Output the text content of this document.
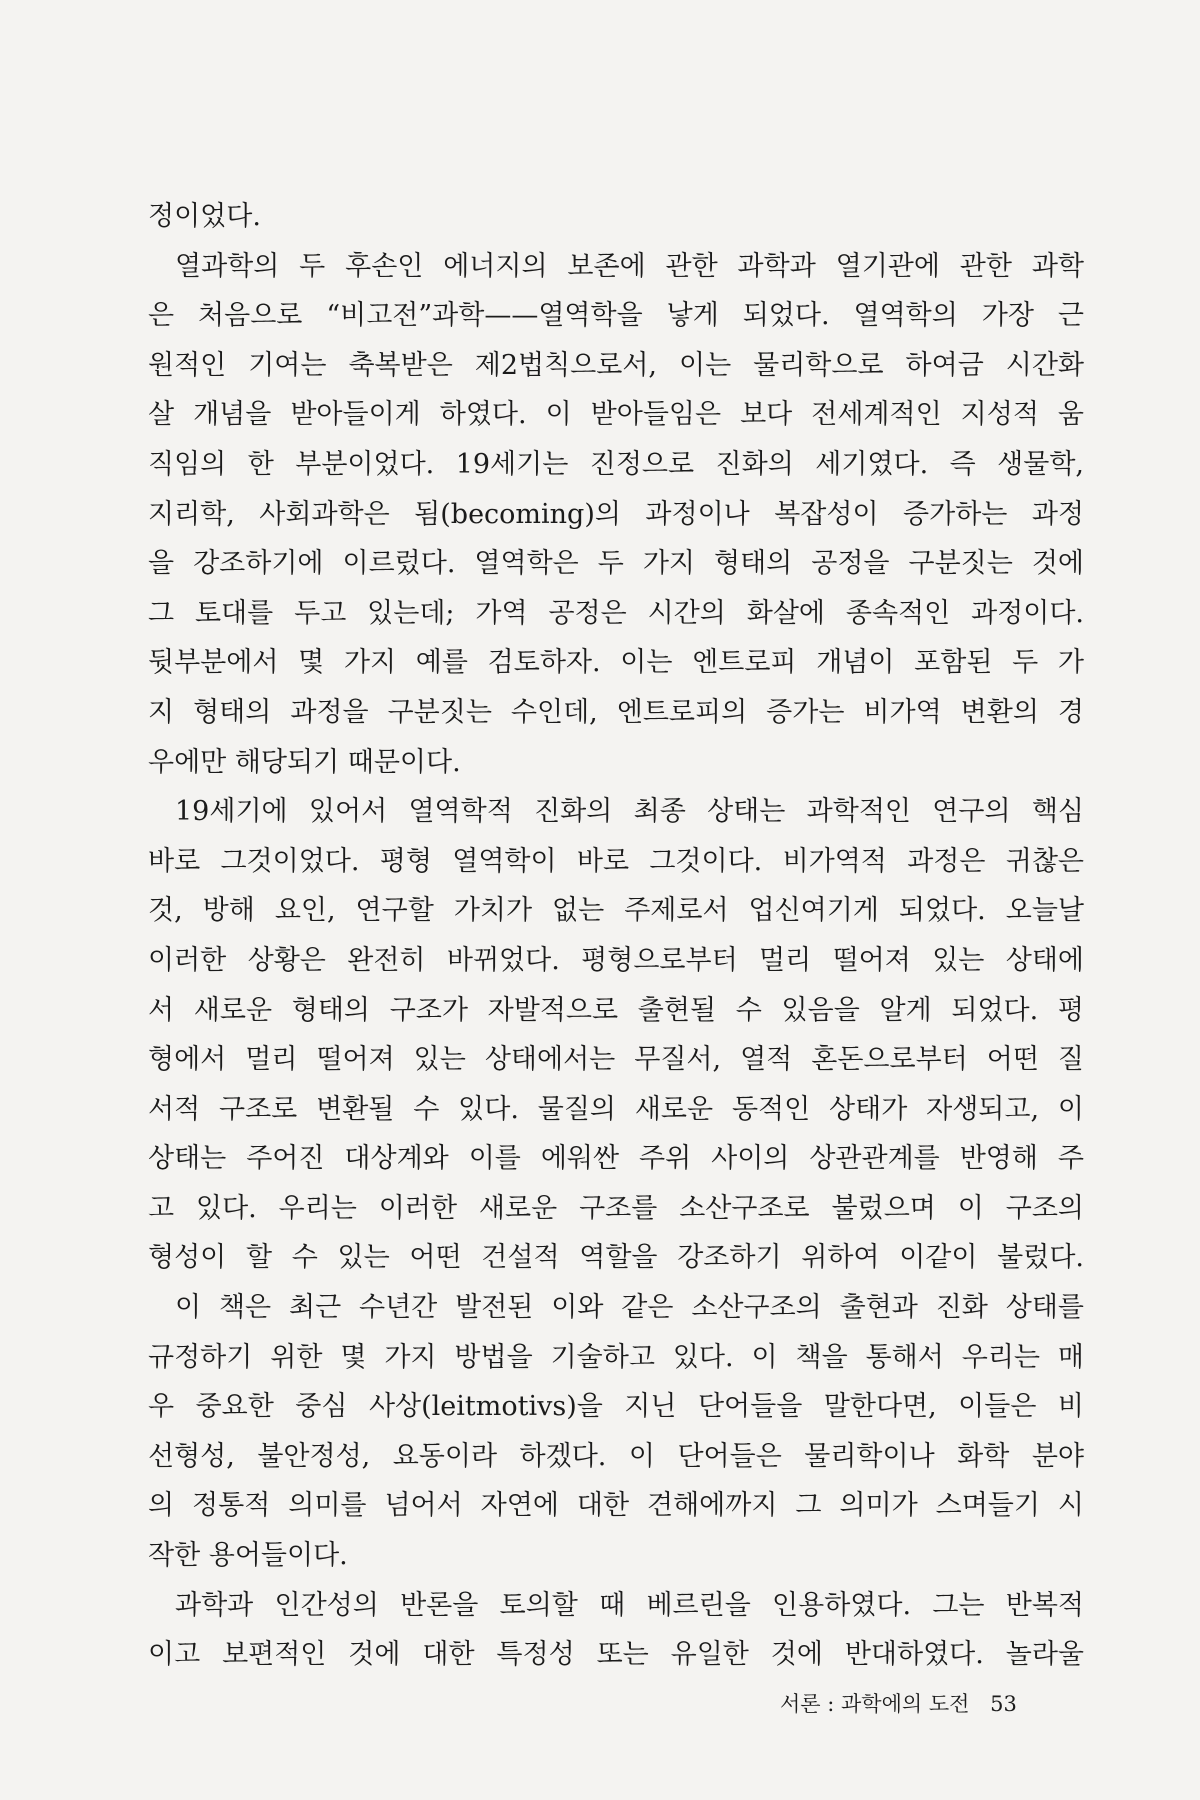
정이었다.
열과학의 두 후손인 에너지의 보존에 관한 과학과 열기관에 관한 과학
은 처음으로 “비고전”과학——열역학을 낳게 되었다. 열역학의 가장 근
원적인 기여는 축복받은 제2법칙으로서, 이는 물리학으로 하여금 시간화
살 개념을 받아들이게 하였다. 이 받아들임은 보다 전세계적인 지성적 움
직임의 한 부분이었다. 19세기는 진정으로 진화의 세기였다. 즉 생물학,
지리학, 사회과학은 됨(becoming)의 과정이나 복잡성이 증가하는 과정
을 강조하기에 이르렀다. 열역학은 두 가지 형태의 공정을 구분짓는 것에
그 토대를 두고 있는데; 가역 공정은 시간의 화살에 종속적인 과정이다.
뒷부분에서 몇 가지 예를 검토하자. 이는 엔트로피 개념이 포함된 두 가
지 형태의 과정을 구분짓는 수인데, 엔트로피의 증가는 비가역 변환의 경
우에만 해당되기 때문이다.
19세기에 있어서 열역학적 진화의 최종 상태는 과학적인 연구의 핵심
바로 그것이었다. 평형 열역학이 바로 그것이다. 비가역적 과정은 귀찮은
것, 방해 요인, 연구할 가치가 없는 주제로서 업신여기게 되었다. 오늘날
이러한 상황은 완전히 바뀌었다. 평형으로부터 멀리 떨어져 있는 상태에
서 새로운 형태의 구조가 자발적으로 출현될 수 있음을 알게 되었다. 평
형에서 멀리 떨어져 있는 상태에서는 무질서, 열적 혼돈으로부터 어떤 질
서적 구조로 변환될 수 있다. 물질의 새로운 동적인 상태가 자생되고, 이
상태는 주어진 대상계와 이를 에워싼 주위 사이의 상관관계를 반영해 주
고 있다. 우리는 이러한 새로운 구조를 소산구조로 불렀으며 이 구조의
형성이 할 수 있는 어떤 건설적 역할을 강조하기 위하여 이같이 불렀다.
이 책은 최근 수년간 발전된 이와 같은 소산구조의 출현과 진화 상태를
규정하기 위한 몇 가지 방법을 기술하고 있다. 이 책을 통해서 우리는 매
우 중요한 중심 사상(leitmotivs)을 지닌 단어들을 말한다면, 이들은 비
선형성, 불안정성, 요동이라 하겠다. 이 단어들은 물리학이나 화학 분야
의 정통적 의미를 넘어서 자연에 대한 견해에까지 그 의미가 스며들기 시
작한 용어들이다.
과학과 인간성의 반론을 토의할 때 베르린을 인용하였다. 그는 반복적
이고 보편적인 것에 대한 특정성 또는 유일한 것에 반대하였다. 놀라울
서론 : 과학에의 도전 53
